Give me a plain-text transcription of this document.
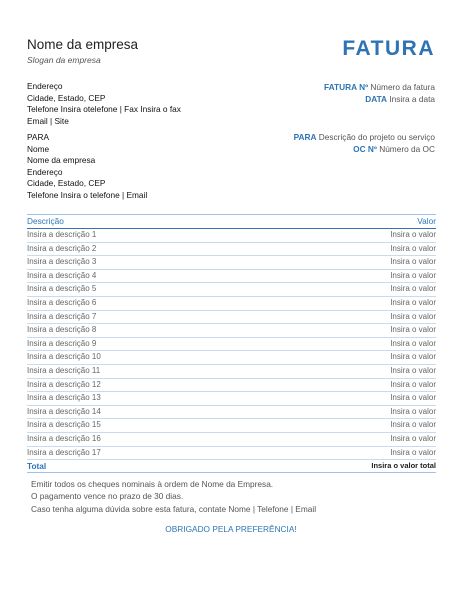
Nome da empresa
Slogan da empresa	FATURA
Endereço
Cidade, Estado, CEP
Telefone Insira otelefone | Fax Insira o fax
Email | Site
FATURA Nº Número da fatura
DATA Insira a data
PARA Descrição do projeto ou serviço
OC Nº Número da OC
PARA
Nome
Nome da empresa
Endereço
Cidade, Estado, CEP
Telefone Insira o telefone | Email
Descrição	Valor
Insira a descrição 1	Insira o valor
Insira a descrição 2	Insira o valor
Insira a descrição 3	Insira o valor
Insira a descrição 4	Insira o valor
Insira a descrição 5	Insira o valor
Insira a descrição 6	Insira o valor
Insira a descrição 7	Insira o valor
Insira a descrição 8	Insira o valor
Insira a descrição 9	Insira o valor
Insira a descrição 10	Insira o valor
Insira a descrição 11	Insira o valor
Insira a descrição 12	Insira o valor
Insira a descrição 13	Insira o valor
Insira a descrição 14	Insira o valor
Insira a descrição 15	Insira o valor
Insira a descrição 16	Insira o valor
Insira a descrição 17	Insira o valor
Total	Insira o valor total
Emitir todos os cheques nominais à ordem de Nome da Empresa.
O pagamento vence no prazo de 30 dias.
Caso tenha alguma dúvida sobre esta fatura, contate Nome | Telefone | Email
OBRIGADO PELA PREFERÊNCIA!
